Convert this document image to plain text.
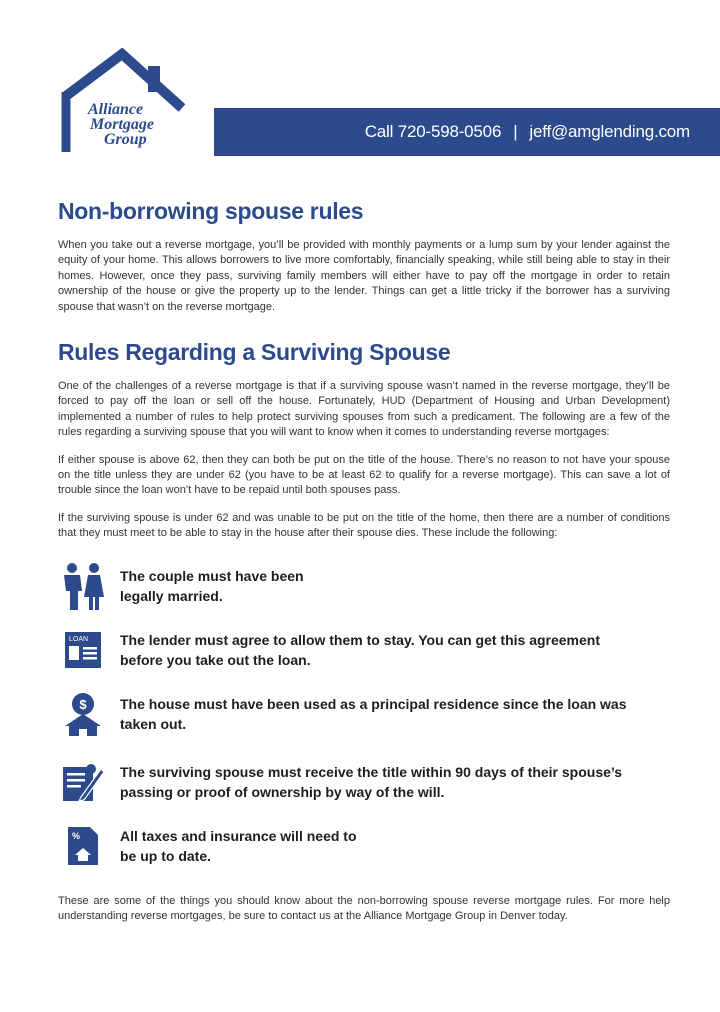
Alliance
Mortgage
Group	Call 720-598-0506 | jeff@amglending.com
Non-borrowing spouse rules

When you take out a reverse mortgage, you’ll be provided with monthly payments or a lump sum by your lender against the equity of your home. This allows borrowers to live more comfortably, financially speaking, while still being able to stay in their homes. However, once they pass, surviving family members will either have to pay off the mortgage in order to retain ownership of the house or give the property up to the lender. Things can get a little tricky if the borrower has a surviving spouse that wasn’t on the reverse mortgage.

Rules Regarding a Surviving Spouse

One of the challenges of a reverse mortgage is that if a surviving spouse wasn’t named in the reverse mortgage, they’ll be forced to pay off the loan or sell off the house. Fortunately, HUD (Department of Housing and Urban Development) implemented a number of rules to help protect surviving spouses from such a predicament. The following are a few of the rules regarding a surviving spouse that you will want to know when it comes to understanding reverse mortgages:

If either spouse is above 62, then they can both be put on the title of the house. There’s no reason to not have your spouse on the title unless they are under 62 (you have to be at least 62 to qualify for a reverse mortgage). This can save a lot of trouble since the loan won’t have to be repaid until both spouses pass.

If the surviving spouse is under 62 and was unable to be put on the title of the home, then there are a number of conditions that they must meet to be able to stay in the house after their spouse dies. These include the following:

The couple must have been
legally married.
LOAN The lender must agree to allow them to stay. You can get this agreement
before you take out the loan.
$ The house must have been used as a principal residence since the loan was
taken out.
The surviving spouse must receive the title within 90 days of their spouse’s
passing or proof of ownership by way of the will.
%	All taxes and insurance will need to
be up to date.

These are some of the things you should know about the non-borrowing spouse reverse mortgage rules. For more help understanding reverse mortgages, be sure to contact us at the Alliance Mortgage Group in Denver today.
